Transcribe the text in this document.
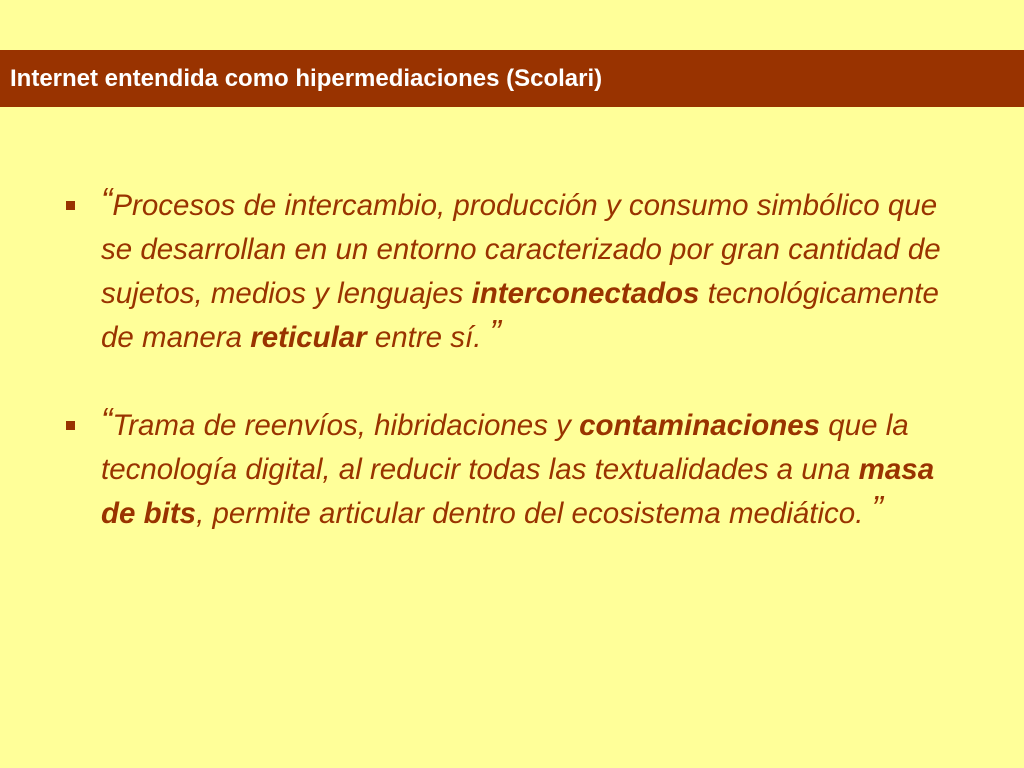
Internet entendida como hipermediaciones (Scolari)
“Procesos de intercambio, producción y consumo simbólico que se desarrollan en un entorno caracterizado por gran cantidad de sujetos, medios y lenguajes interconectados tecnológicamente de manera reticular entre sí. ”
“Trama de reenvíos, hibridaciones y contaminaciones que la tecnología digital, al reducir todas las textualidades a una masa de bits, permite articular dentro del ecosistema mediático. ”
